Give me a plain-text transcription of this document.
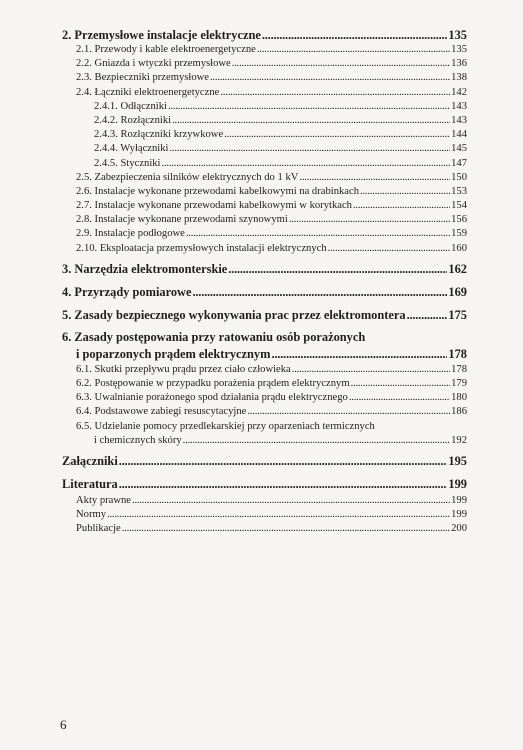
2. Przemysłowe instalacje elektryczne .....	135
2.1. Przewody i kable elektroenergetyczne .....	135
2.2. Gniazda i wtyczki przemysłowe .....	136
2.3. Bezpieczniki przemysłowe .....	138
2.4. Łączniki elektroenergetyczne .....	142
2.4.1. Odłączniki .....	143
2.4.2. Rozłączniki .....	143
2.4.3. Rozłączniki krzywkowe .....	144
2.4.4. Wyłączniki .....	145
2.4.5. Styczniki .....	147
2.5. Zabezpieczenia silników elektrycznych do 1 kV .....	150
2.6. Instalacje wykonane przewodami kabelkowymi na drabinkach .....	153
2.7. Instalacje wykonane przewodami kabelkowymi w korytkach .....	154
2.8. Instalacje wykonane przewodami szynowymi .....	156
2.9. Instalacje podłogowe .....	159
2.10. Eksploatacja przemysłowych instalacji elektrycznych .....	160
3. Narzędzia elektromonterskie .....	162
4. Przyrządy pomiarowe .....	169
5. Zasady bezpiecznego wykonywania prac przez elektromontera .....	175
6. Zasady postępowania przy ratowaniu osób porażonych
i poparzonych prądem elektrycznym .....	178
6.1. Skutki przepływu prądu przez ciało człowieka .....	178
6.2. Postępowanie w przypadku porażenia prądem elektrycznym .....	179
6.3. Uwalnianie porażonego spod działania prądu elektrycznego .....	180
6.4. Podstawowe zabiegi resuscytacyjne .....	186
6.5. Udzielanie pomocy przedlekarskiej przy oparzeniach termicznych
i chemicznych skóry .....	192
Załączniki .....	195
Literatura .....	199
Akty prawne .....	199
Normy .....	199
Publikacje .....	200
6
